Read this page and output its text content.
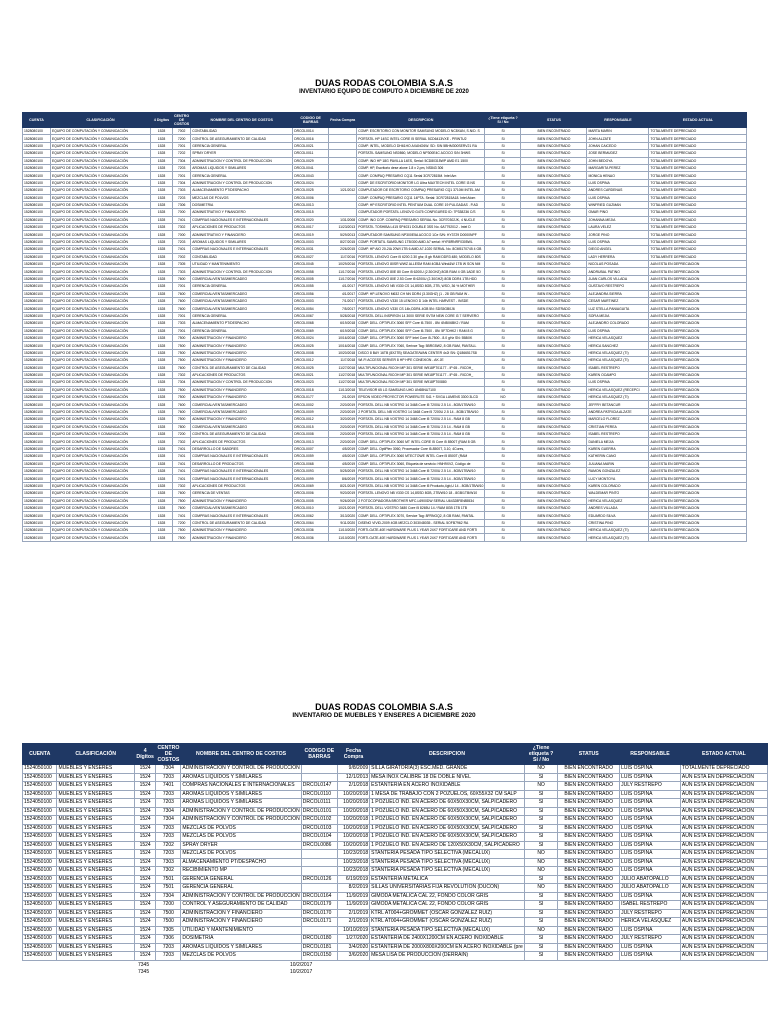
DUAS RODAS COLOMBIA S.A.S
INVENTARIO EQUIPO DE COMPUTO A DICIEMBRE DE 2020
CUENTA	CLASIFICACIÓN	4 Dígitos	CENTRO DE COSTOS	NOMBRE DEL CENTRO DE COSTOS	CODIGO DE BARRAS	Fecha Compra	DESCRIPCION	¿Tiene etiqueta ? Si / No	STATUS	RESPONSABLE	ESTADO ACTUAL
1528080100	EQUIPO DE COMPUTACIÓN Y COMUNICACIÓN	1528	7002	CONTABILIDAD	DRCOL0014		COMP. ESCRITORIO CON MONITOR SAMSUNG MODELO NC8XAN, S.N/D. S	Si	BIEN ENCONTRADO	MARTA MARIN	TOTALMENTE DEPRECIADO
1528080100	EQUIPO DE COMPUTACIÓN Y COMUNICACIÓN	1528	7200	CONTROL DE ASEGURAMIENTO DE CALIDAD	DRCOL0016		PORTATIL HP 14SC INTEL CORE I5 SERIAL 5CD6413VXE - PRINTU2	Si	BIEN ENCONTRADO	JOHN ALZATE	TOTALMENTE DEPRECIADO
1528080100	EQUIPO DE COMPUTACIÓN Y COMUNICACIÓN	1528	7001	GERENCIA GENERAL	DRCOL0021		COMP. INTEL, MODELO DH61HO AXANO6W. SD: S/N 5BHM300SERV21 RA	Si	BIEN ENCONTRADO	JOHAN CAICEDO	TOTALMENTE DEPRECIADO
1528080100	EQUIPO DE COMPUTACIÓN Y COMUNICACIÓN	1528	7202	SPRAY DRYER	DRCOL0011		PORTATIL SAMSUNG NS0860, MODELO NP300E4C ACOCO S/N 3HWS	Si	BIEN ENCONTRADO	JOSE BERMUDEZ	TOTALMENTE DEPRECIADO
1528080100	EQUIPO DE COMPUTACIÓN Y COMUNICACIÓN	1528	7304	ADMINISTRACION Y CONTROL DE PRODUCCION	DRCOL0029		COMP. INO HP 18G PAVILLA 14ES, Serial: 5CD80315WP AMD E1 1500	Si	BIEN ENCONTRADO	JOHN BEDOYA	TOTALMENTE DEPRECIADO
1528080100	EQUIPO DE COMPUTACIÓN Y COMUNICACIÓN	1528	7203	AROMAS LIQUIDOS Y SIMILARES	DRCOL0041		COMP. HP, Escritorio dese alone 1.8 x 2.pm, NS843 306	Si	BIEN ENCONTRADO	MARGARITA PEREZ	TOTALMENTE DEPRECIADO
1528080100	EQUIPO DE COMPUTACIÓN Y COMUNICACIÓN	1528	7001	GERENCIA GENERAL	DRCOL0043		COMP. COMPAQ PRESARIO CQ11 Serial 3CR72815M. Intel Am	Si	BIEN ENCONTRADO	MONICA HENAO	TOTALMENTE DEPRECIADO
1528080100	EQUIPO DE COMPUTACIÓN Y COMUNICACIÓN	1528	7304	ADMINISTRACION Y CONTROL DE PRODUCCION	DRCOL0024		COMP. DE ESCRITORIO MONITOR LG Ultra MAXTECH INTEL CORE I3 NS	Si	BIEN ENCONTRADO	LUIS OSPINA	TOTALMENTE DEPRECIADO
1528080100	EQUIPO DE COMPUTACIÓN Y COMUNICACIÓN	1528	7303	ALMACENAMIENTO PT/DESPACHO	DRCOL0025	1/21/2012	COMPUTADOR DE ESCRITORIO COMPAQ PRESARIO CQ1 3710M INTEL AM	Si	BIEN ENCONTRADO	ANDRES CARDENAS	TOTALMENTE DEPRECIADO
1528080100	EQUIPO DE COMPUTACIÓN Y COMUNICACIÓN	1528	7203	MEZCLAS DE POLVOS	DRCOL0006		COMP. COMPAQ PRESARIO CQ11 14PTA. Serial: 3CR72815A18. Intel Atom	Si	BIEN ENCONTRADO	LUIS OSPINA	TOTALMENTE DEPRECIADO
1528080100	EQUIPO DE COMPUTACIÓN Y COMUNICACIÓN	1528	7306	DOSIMETRIA	DRCOL0013		COMP. HP ESCRITORIO INTEL PENTIUM DUAL CORE 19 PULGADAS . P.AD	Si	BIEN ENCONTRADO	WINFRIED GUZMAN	TOTALMENTE DEPRECIADO
1528080100	EQUIPO DE COMPUTACIÓN Y COMUNICACIÓN	1528	7000	ADMINISTRATIVO Y FINANCIERO	DRCOL0015		COMPUTADOR PORTATIL LENOVO G475 CONFIGURED ID: 7P338236 C/S	Si	BIEN ENCONTRADO	OMAR PINO	TOTALMENTE DEPRECIADO
1528080100	EQUIPO DE COMPUTACIÓN Y COMUNICACIÓN	1528	7401	COMPRAS NACIONALES E INTERNACIONALES	DRCOL0020	1/31/2008	COMP. INO COP. COMPAQ PRESARIO SERIAL No. 3CR70302JK, 4 NUCLE	Si	BIEN ENCONTRADO	JOHANNA MEJIA	TOTALMENTE DEPRECIADO
1528080100	EQUIPO DE COMPUTACIÓN Y COMUNICACIÓN	1528	7302	APLICACIONES DE PRODUCTOS	DRCOL0017	11/23/2013	PORTATIL TOSHIBA L415 SP4031 DOUBLE 3SS No. 6A7792012 - Intel D	Si	BIEN ENCONTRADO	LAURA VELEZ	TOTALMENTE DEPRECIADO
1528080100	EQUIPO DE COMPUTACIÓN Y COMUNICACIÓN	1528	7000	ADMINISTRATIVO Y FINANCIERO	DRCOL0019	5/29/2013	COMPUTADOR SAMSUNG NP300E5A ACOCO 1Ce S/N: HY3729 D0000NPF	Si	BIEN ENCONTRADO	JORGE PINO	TOTALMENTE DEPRECIADO
1528080100	EQUIPO DE COMPUTACIÓN Y COMUNICACIÓN	1528	7203	AROMAS LIQUIDOS Y SIMILARES	DRCOL0003	8/27/2015	COMP. PORTATIL SAMSUNG 1TB/300 AMD A7 serial: HYR8RNRF0305WL	Si	BIEN ENCONTRADO	LUIS OSPINA	TOTALMENTE DEPRECIADO
1528080100	EQUIPO DE COMPUTACIÓN Y COMUNICACIÓN	1528	7401	COMPRAS NACIONALES E INTERNACIONALES	DRCOL0031	2/26/2015	COMP. HP AIO 20-2IA 20Wl 1TB 6 AMD A7-1020 SERIAL No. 8CM5170745 4 GB	Si	BIEN ENCONTRADO	DIEGO ANGEL	TOTALMENTE DEPRECIADO
1528080100	EQUIPO DE COMPUTACIÓN Y COMUNICACIÓN	1528	7002	CONTABILIDAD	DRCOL0027	11/7/2016	PORTATIL LENOVO Core i5 6200 2.30 ghz; 8 gb RAM DDR3 480; MODELO 80S	Si	BIEN ENCONTRADO	LADY HERRERA	TOTALMENTE DEPRECIADO
1528080100	EQUIPO DE COMPUTACIÓN Y COMUNICACIÓN	1528	7305	UTILIDAD Y MANTENIMIENTO	DRCOL0045	10/29/2016	PORTATIL LENOVO 80SR WWZ ALLESM RAM 4GB& Wind&W 1TB W SCN NM	Si	BIEN ENCONTRADO	NICOLAS POSADA	AUN ESTA EN DEPRECIACION
1528080100	EQUIPO DE COMPUTACIÓN Y COMUNICACIÓN	1528	7303	ADMINISTRACION Y CONTROL DE PRODUCCION	DRCOL0058	11/17/2016	PORTATIL LENOVO 80E 80 Core i5 6200U (2.30GHZ) 8GB RAM 4 GB 1ADE 5O	Si	BIEN ENCONTRADO	ANDRUBAL PATINO	AUN ESTA EN DEPRECIACION
1528080100	EQUIPO DE COMPUTACIÓN Y COMUNICACIÓN	1528	7600	COMERCIAL/VENTAS/MERCADEO	DRCOL0005	11/17/2016	PORTATIL LENOVO 80E 2.53 Core i5 6200U (2.30GHZ) 8GB DDR4 1TB HDD	Si	BIEN ENCONTRADO	JUAN CARLOS VILLADA	AUN ESTA EN DEPRECIACION
1528080100	EQUIPO DE COMPUTACIÓN Y COMUNICACIÓN	1528	7001	GERENCIA GENERAL	DRCOL0055	4/1/2017	PORTATIL LENOVO NB V330 CS 14,8SSD 8GB, 2TB, WSO, 36 % MOTHER	Si	BIEN ENCONTRADO	GUSTAVO RESTREPO	AUN ESTA EN DEPRECIACION
1528080100	EQUIPO DE COMPUTACIÓN Y COMUNICACIÓN	1528	7600	COMERCIAL/VENTAS/MERCADEO	DRCOL0056	4/1/2017	COMP. HP-LENOVO M632 CH NN DDR4 (3.30GHZ) (1 - 28 GB RAM W -	Si	BIEN ENCONTRADO	ALEJANDRA SIERRA	AUN ESTA EN DEPRECIACION
1528080100	EQUIPO DE COMPUTACIÓN Y COMUNICACIÓN	1528	7600	COMERCIAL/VENTAS/MERCADEO	DRCOL0003	7/1/2017	PORTATIL LENOVO V330 15 LENOVO D 14b INTEL HARVEST - INSDE	Si	BIEN ENCONTRADO	CESAR MARTINEZ	AUN ESTA EN DEPRECIACION
1528080100	EQUIPO DE COMPUTACIÓN Y COMUNICACIÓN	1528	7600	COMERCIAL/VENTAS/MERCADEO	DRCOL0054	7/5/2017	PORTATIL LENOVO V330 CS 14b,DDR4-4GB 5N: SDS5GB0J6	Si	BIEN ENCONTRADO	LUZ STELLA PANIAGUITA	AUN ESTA EN DEPRECIACION
1528080100	EQUIPO DE COMPUTACIÓN Y COMUNICACIÓN	1528	7001	GERENCIA GENERAL	DRCOL0067	5/28/2018	PORTATIL DELL INSPIRON 14 3000 SERIE SV7M NEW CORE I3 7 SERVERO	Si	BIEN ENCONTRADO	SOFIA MEJIA	AUN ESTA EN DEPRECIACION
1528080100	EQUIPO DE COMPUTACIÓN Y COMUNICACIÓN	1528	7303	ALMACENAMIENTO PT/DESPACHO	DRCOL0068	6/19/2018	COMP. DELL OPTIPLEX 3060 SFF Core i5-7500 - 8N: 6NBX6BK2 / RAM	Si	BIEN ENCONTRADO	ALEJANDRO COLORADO	AUN ESTA EN DEPRECIACION
1528080100	EQUIPO DE COMPUTACIÓN Y COMUNICACIÓN	1528	7001	GERENCIA GENERAL	DRCOL0069	6/19/2018	COMP. DELL OPTIPLEX 3060 SFF Core i5-7500 - 8N: 5F7DHK2 / RAM 8 G	Si	BIEN ENCONTRADO	LUIS OSPINA	AUN ESTA EN DEPRECIACION
1528080100	EQUIPO DE COMPUTACIÓN Y COMUNICACIÓN	1528	7500	ADMINISTRACION Y FINANCIERO	DRCOL0024	10/16/2018	COMP. DELL OPTIPLEX 3060 SFF Intel Core i5-7500 - 8.0 gHz SN: 558i0K	Si	BIEN ENCONTRADO	HERICA VELASQUEZ	AUN ESTA EN DEPRECIACION
1528080100	EQUIPO DE COMPUTACIÓN Y COMUNICACIÓN	1528	7500	ADMINISTRACION Y FINANCIERO	DRCOL0025	10/16/2018	COMP. DELL OPTIPLEX 7060, Serivce Tag: 5BRG5W2, 8 GB RAM, PANTALL	Si	BIEN ENCONTRADO	HERICA SANCHEZ	AUN ESTA EN DEPRECIACION
1528080100	EQUIPO DE COMPUTACIÓN Y COMUNICACIÓN	1528	7500	ADMINISTRACION Y FINANCIERO	DRCOL0008	10/20/2018	DISCO 8 BAY 16TB (8X2TB) SEAGATE/WAN CENTER 4x2i SN: Q1866517S8	Si	BIEN ENCONTRADO	HERICA VELASQUEZ (TI)	AUN ESTA EN DEPRECIACION
1528080100	EQUIPO DE COMPUTACIÓN Y COMUNICACIÓN	1528	7500	ADMINISTRACION Y FINANCIERO	DRCOL0012	11/7/2018	WI-FI ACCESS SERVER 8 HP HPE CONEXION - AK JE	Si	BIEN ENCONTRADO	HERICA VELASQUEZ (TI)	AUN ESTA EN DEPRECIACION
1528080100	EQUIPO DE COMPUTACIÓN Y COMUNICACIÓN	1528	7600	CONTROL DE ASEGURAMIENTO DE CALIDAD	DRCOL0025	11/27/2018	MULTIFUNCIONAL RICOH MP 301 SERIE W918PT01177 - IP 65 - RICOH_	Si	BIEN ENCONTRADO	ISABEL RESTREPO	AUN ESTA EN DEPRECIACION
1528080100	EQUIPO DE COMPUTACIÓN Y COMUNICACIÓN	1528	7302	APLICACIONES DE PRODUCTOS	DRCOL0021	11/27/2018	MULTIFUNCIONAL RICOH MP 301 SERIE W918PT01177 - IP 65 - RICOH_	Si	BIEN ENCONTRADO	KAREN OCAMPO	AUN ESTA EN DEPRECIACION
1528080100	EQUIPO DE COMPUTACIÓN Y COMUNICACIÓN	1528	7304	ADMINISTRACION Y CONTROL DE PRODUCCION	DRCOL0023	11/27/2018	MULTIFUNCIONAL RICOH MP 301 SERIE W918PT00880	Si	BIEN ENCONTRADO	LUIS OSPINA	AUN ESTA EN DEPRECIACION
1528080100	EQUIPO DE COMPUTACIÓN Y COMUNICACIÓN	1528	7500	ADMINISTRACION Y FINANCIERO	DRCOL0018	11/13/2018	TELEVISOR 65 LG SAMSUNG UHD UN65NU7100	Si	BIEN ENCONTRADO	HERICA VELASQUEZ (RECEPCI	AUN ESTA EN DEPRECIACION
1528080100	EQUIPO DE COMPUTACIÓN Y COMUNICACIÓN	1528	7500	ADMINISTRACION Y FINANCIERO	DRCOL0177	2/1/2019	EPSON VIDEO PROYECTOR POWERLITE S41 + SVGA LUMENS 3300 3LCD	NO	BIEN ENCONTRADO	HERICA VELASQUEZ (TI)	AUN ESTA EN DEPRECIACION
1528080100	EQUIPO DE COMPUTACIÓN Y COMUNICACIÓN	1528	7600	COMERCIAL/VENTAS/MERCADEO	DRCOL0002	2/20/2019	PORTATIL DELL NB VOSTRO 14 3468 Core i5 7200U 2.5 14 - 8GB/1TB/W10	Si	BIEN ENCONTRADO	JEFFRY BETANCUR	AUN ESTA EN DEPRECIACION
1528080100	EQUIPO DE COMPUTACIÓN Y COMUNICACIÓN	1528	7600	COMERCIAL/VENTAS/MERCADEO	DRCOL0009	2/20/2019	2 PORTATIL DELL NB VOSTRO 14 3468 Core i5 7200U 2.5 14 - 8GB/1TB/W10	Si	BIEN ENCONTRADO	ANDREA PATRICIA ALZATE	AUN ESTA EN DEPRECIACION
1528080100	EQUIPO DE COMPUTACIÓN Y COMUNICACIÓN	1528	7500	ADMINISTRACION Y FINANCIERO	DRCOL0012	3/20/2019	PORTATIL DELL NB VOSTRO 14 3468 Core i5 7200U 2.5 14 - RAM 8 GB	Si	BIEN ENCONTRADO	MARCELO FLOREZ	AUN ESTA EN DEPRECIACION
1528080100	EQUIPO DE COMPUTACIÓN Y COMUNICACIÓN	1528	7800	COMERCIAL/VENTAS/MERCADEO	DRCOL0015	2/20/2019	PORTATIL DELL NB VOSTRO 14 3468 Core i5 7200U 2.5 14 - RAM 8 GB	Si	BIEN ENCONTRADO	CRISTIAN PEREA	AUN ESTA EN DEPRECIACION
1528080100	EQUIPO DE COMPUTACIÓN Y COMUNICACIÓN	1528	7200	CONTROL DE ASEGURAMIENTO DE CALIDAD	DRCOL0008	2/20/2019	PORTATIL DELL NB VOSTRO 14 3468 Core i5 7200U 2.5 14 - RAM 8 GB	Si	BIEN ENCONTRADO	ISABEL RESTREPO	AUN ESTA EN DEPRECIACION
1528080100	EQUIPO DE COMPUTACIÓN Y COMUNICACIÓN	1528	7302	APLICACIONES DE PRODUCTOS	DRCOL0013	2/20/2019	COMP. DELL OPTIPLEX 3060 MT INTEL CORE I5 Core i5 8500T (RAM 8 GB	Si	BIEN ENCONTRADO	DANIELA MEJIA	AUN ESTA EN DEPRECIACION
1528080100	EQUIPO DE COMPUTACIÓN Y COMUNICACIÓN	1528	7401	DESARROLLO DE SABORES	DRCOL0007	4/5/2019	COMP. DELL OptiPlex 3060, Procesador Core i5-8500T, 3.10, 4Cores,	Si	BIEN ENCONTRADO	KAREN GUERRA	AUN ESTA EN DEPRECIACION
1528080100	EQUIPO DE COMPUTACIÓN Y COMUNICACIÓN	1528	7401	COMPRAS NACIONALES E INTERNACIONALES	DRCOL0059	4/5/2019	COMP. DELL OPTIPLEX 3060 MTECTOWE INTEL Core i5 8500T (RAM	Si	BIEN ENCONTRADO	KATHERIN CANO	AUN ESTA EN DEPRECIACION
1528080100	EQUIPO DE COMPUTACIÓN Y COMUNICACIÓN	1528	7401	DESARROLLO DE PRODUCTOS	DRCOL0068	4/5/2019	COMP. DELL OPTIPLEX 3060, Etiqueta de servicio: HNH9XV2, Código de	Si	BIEN ENCONTRADO	JULIANA MARIN	AUN ESTA EN DEPRECIACION
1528080100	EQUIPO DE COMPUTACIÓN Y COMUNICACIÓN	1528	7401	COMPRAS NACIONALES E INTERNACIONALES	DRCOL0093	5/25/2019	PORTATIL DELL NB VOSTRO 14 3468 Core i5 7200U 2.5 14 - 8GB/1TB/W10	Si	BIEN ENCONTRADO	RAMON GONZALEZ	AUN ESTA EN DEPRECIACION
1528080100	EQUIPO DE COMPUTACIÓN Y COMUNICACIÓN	1528	7401	COMPRAS NACIONALES E INTERNACIONALES	DRCOL0099	8/6/2019	PORTATIL DELL NB VOSTRO 14 3468 Core i5 7200U 2.5 14 - 8GB/1TB/W10	Si	BIEN ENCONTRADO	LUCY MONTOYA	AUN ESTA EN DEPRECIACION
1528080100	EQUIPO DE COMPUTACIÓN Y COMUNICACIÓN	1528	7302	APLICACIONES DE PRODUCTOS	DRCOL0069	8/21/2019	PORTATIL DELL NB VOSTRO 14 3468 Core i5 Producto,4gb,U 14 - 8GB/1TB/W10	Si	BIEN ENCONTRADO	KAREN COLORADO	AUN ESTA EN DEPRECIACION
1528080100	EQUIPO DE COMPUTACIÓN Y COMUNICACIÓN	1528	7600	GERENCIA DE VENTAS	DRCOL0006	9/20/2019	PORTATIL LENOVO NB V330 CS 14,8SSD 8GB, 2TB/W10 18 - 8GB/1TB/W10	Si	BIEN ENCONTRADO	WALDEMAR PINTO	AUN ESTA EN DEPRECIACION
1528080100	EQUIPO DE COMPUTACIÓN Y COMUNICACIÓN	1528	7500	ADMINISTRACION Y FINANCIERO	DRCOL0005	9/26/2019	2 FOTOCOPIADORA BROTHER MFC-L6900DW SERIAL U64328F8N85534	Si	BIEN ENCONTRADO	HERICA VELASQUEZ	AUN ESTA EN DEPRECIACION
1528080100	EQUIPO DE COMPUTACIÓN Y COMUNICACIÓN	1528	7600	COMERCIAL/VENTAS/MERCADEO	DRCOL0010	10/21/2019	PORTATIL DELL VOSTRO 3480 Core i5 8265U 14 / RAM 8GB 1TB 1TB	Si	BIEN ENCONTRADO	ANDRES VILLADA	AUN ESTA EN DEPRECIACION
1528080100	EQUIPO DE COMPUTACIÓN Y COMUNICACIÓN	1528	7401	COMPRAS NACIONALES E INTERNACIONALES	DRCOL0062	3/13/2020	COMP. DELL OPTIPLEX 3070, Service Tag: 8FRNGQ2, 8 GB RAM, PANTAL	Si	BIEN ENCONTRADO	EDUARDO SILVA	AUN ESTA EN DEPRECIACION
1528080100	EQUIPO DE COMPUTACIÓN Y COMUNICACIÓN	1528	7200	CONTROL DE ASEGURAMIENTO DE CALIDAD	DRCOL0064	9/11/2020	DISENO VIVID-2009 4GB MEZCLO 303048035 - SERIAL 5OFB7962 RA	Si	BIEN ENCONTRADO	CRISTINA PINO	AUN ESTA EN DEPRECIACION
1528080100	EQUIPO DE COMPUTACIÓN Y COMUNICACIÓN	1528	7500	ADMINISTRACION Y FINANCIERO	DRCOL0036	11/10/2020	FORTI-GATE-40E HARDWARE PLUS 1 YEAR 24X7 FORTICARE AND FORTI	Si	BIEN ENCONTRADO	HERICA VELASQUEZ (TI)	AUN ESTA EN DEPRECIACION
1528080100	EQUIPO DE COMPUTACIÓN Y COMUNICACIÓN	1528	7500	ADMINISTRACION Y FINANCIERO	DRCOL0036	11/10/2020	FORTI-GATE-40E HARDWARE PLUS 1 YEAR 24X7 FORTICARE AND FORTI	Si	BIEN ENCONTRADO	HERICA VELASQUEZ (TI)	AUN ESTA EN DEPRECIACION
DUAS RODAS COLOMBIA S.A.S
INVENTARIO DE MUEBLES Y ENSERES A DICIEMBRE 2020
CUENTA	CLASIFICACIÓN	4 Dígitos	CENTRO DE COSTOS	NOMBRE DEL CENTRO DE COSTOS	CODIGO DE BARRAS	Fecha Compra	DESCRIPCION	¿Tiene etiqueta ? Si / No	STATUS	RESPONSABLE	ESTADO ACTUAL
1524050100	MUEBLES Y ENSERES	1524	7304	ADMINISTRACION Y CONTROL DE PRODUCCION		9/8/2009	SILLA GIRATORIA(3) ESC.MED. GRANDE	NO	BIEN ENCONTRADO	LUIS OSPINA	TOTALMENTE DEPRECIADO
1524050100	MUEBLES Y ENSERES	1524	7203	AROMAS LIQUIDOS Y SIMILARES		12/1/2013	MESA INOX CALIBRE 18 DE DOBLE NIVEL	SI	BIEN ENCONTRADO	LUIS OSPINA	AUN ESTA EN DEPRECIACION
1524050100	MUEBLES Y ENSERES	1524	7401	COMPRAS NACIONALES E INTERNACIONALES	DRCOL0147	2/1/2018	ESTANTERIA EN ACERO INOXIDABLE	NO	BIEN ENCONTRADO	JULY RESTREPO	AUN ESTA EN DEPRECIACION
1524050100	MUEBLES Y ENSERES	1524	7203	AROMAS LIQUIDOS Y SIMILARES	DRCOL0110	10/20/2018	1 MESA DE TRABAJO CON 2 POZUELOS, 60X55X32 CM SALP	SI	BIEN ENCONTRADO	LUIS OSPINA	AUN ESTA EN DEPRECIACION
1524050100	MUEBLES Y ENSERES	1524	7203	AROMAS LIQUIDOS Y SIMILARES	DRCOL0111	10/20/2018	1 POZUELO IND. EN ACERO DE 60X50X30CM, SALPICADERO	SI	BIEN ENCONTRADO	LUIS OSPINA	AUN ESTA EN DEPRECIACION
1524050100	MUEBLES Y ENSERES	1524	7304	ADMINISTRACION Y CONTROL DE PRODUCCION	DRCOL0101	10/20/2018	1 POZUELO IND. EN ACERO DE 60X50X30CM, SALPICADERO	SI	BIEN ENCONTRADO	LUIS OSPINA	AUN ESTA EN DEPRECIACION
1524050100	MUEBLES Y ENSERES	1524	7304	ADMINISTRACION Y CONTROL DE PRODUCCION	DRCOL0102	10/20/2018	1 POZUELO IND. EN ACERO DE 60X50X30CM, SALPICADERO	SI	BIEN ENCONTRADO	LUIS OSPINA	AUN ESTA EN DEPRECIACION
1524050100	MUEBLES Y ENSERES	1524	7203	MEZCLAS DE POLVOS	DRCOL0103	10/20/2018	1 POZUELO IND. EN ACERO DE 60X50X30CM, SALPICADERO	SI	BIEN ENCONTRADO	LUIS OSPINA	AUN ESTA EN DEPRECIACION
1524050100	MUEBLES Y ENSERES	1524	7203	MEZCLAS DE POLVOS	DRCOL0104	10/20/2018	1 POZUELO IND. EN ACERO DE 60X50X30CM, SALPICADERO	SI	BIEN ENCONTRADO	LUIS OSPINA	AUN ESTA EN DEPRECIACION
1524050100	MUEBLES Y ENSERES	1524	7202	SPRAY DRYER	DRCOL0086	10/20/2018	1 POZUELO IND. EN ACERO DE 120X50X30CM, SALPICADERO	SI	BIEN ENCONTRADO	LUIS OSPINA	AUN ESTA EN DEPRECIACION
1524050100	MUEBLES Y ENSERES	1524	7203	MEZCLAS DE POLVOS		10/23/2018	STANTERIA PESADA TIPO SELECTIVA (MECALUX)	NO	BIEN ENCONTRADO	LUIS OSPINA	AUN ESTA EN DEPRECIACION
1524050100	MUEBLES Y ENSERES	1524	7303	ALMACENAMIENTO PT/DESPACHO		10/23/2018	STANTERIA PESADA TIPO SELECTIVA (MECALUX)	NO	BIEN ENCONTRADO	LUIS OSPINA	AUN ESTA EN DEPRECIACION
1524050100	MUEBLES Y ENSERES	1524	7302	RECIBIMIENTO MP		10/23/2018	STANTERIA PESADA TIPO SELECTIVA (MECALUX)	NO	BIEN ENCONTRADO	LUIS OSPINA	AUN ESTA EN DEPRECIACION
1524050100	MUEBLES Y ENSERES	1524	7501	GERENCIA GENERAL	DRCOL0126	6/19/2019	ESTANTERIA METALICA	SI	BIEN ENCONTRADO	JULIO ABATOPALLO	AUN ESTA EN DEPRECIACION
1524050100	MUEBLES Y ENSERES	1524	7501	GERENCIA GENERAL		8/2/2019	SILLAS UNIVERSITARIAS FIJA REVOLUTION (DUCON)	NO	BIEN ENCONTRADO	JULIO ABATOPALLO	AUN ESTA EN DEPRECIACION
1524050100	MUEBLES Y ENSERES	1524	7304	ADMINISTRACION Y CONTROL DE PRODUCCION	DRCOL0164	11/9/2019	GIMODA METALICA CAL 22, FONDO COLOR GRIS	SI	BIEN ENCONTRADO	LUIS OSPINA	AUN ESTA EN DEPRECIACION
1524050100	MUEBLES Y ENSERES	1524	7200	CONTROL Y ASEGURAMIENTO DE CALIDAD	DRCOL0179	11/9/2019	GIMODA METALICA CAL 22, FONDO COLOR GRIS	SI	BIEN ENCONTRADO	ISABEL RESTREPO	AUN ESTA EN DEPRECIACION
1524050100	MUEBLES Y ENSERES	1524	7500	ADMINISTRACION Y FINANCIERO	DRCOL0170	2/1/2019	KTRL AT004+GROMMET (OSCAR GONZALEZ RUIZ)	SI	BIEN ENCONTRADO	JULY RESTREPO	AUN ESTA EN DEPRECIACION
1524050100	MUEBLES Y ENSERES	1524	7500	ADMINISTRACION Y FINANCIERO	DRCOL0171	2/1/2019	KTRL AT004+GROMMET (OSCAR GONZALEZ RUIZ)	SI	BIEN ENCONTRADO	HERICA VELASQUEZ	AUN ESTA EN DEPRECIACION
1524050100	MUEBLES Y ENSERES	1524	7305	UTILIDAD Y MANTENIMIENTO		10/10/2019	STANTERIA PESADA TIPO SELECTIVA (MECALUX)	NO	BIEN ENCONTRADO	LUIS OSPINA	AUN ESTA EN DEPRECIACION
1524050100	MUEBLES Y ENSERES	1524	7306	DOSIMETRIA	DRCOL0180	1/27/2020	ESTANTERIA DE 2400X1200CM EN ACERO INOXIDABLE	SI	BIEN ENCONTRADO	JULY RESTREPO	AUN ESTA EN DEPRECIACION
1524050100	MUEBLES Y ENSERES	1524	7203	AROMAS LIQUIDOS Y SIMILARES	DRCOL0181	3/4/2020	ESTANTERIA DE 2000X800X200CM EN ACERO INOXIDABLE (pre	SI	BIEN ENCONTRADO	LUIS OSPINA	AUN ESTA EN DEPRECIACION
1524050100	MUEBLES Y ENSERES	1524	7203	MEZCLAS DE POLVOS	DRCOL0150	3/6/2020	MESA LISA DE PRODUCCION (DERRAIN)	SI	BIEN ENCONTRADO	LUIS OSPINA	AUN ESTA EN DEPRECIACION
7345	10/2/2017
7345	10/2/2017
